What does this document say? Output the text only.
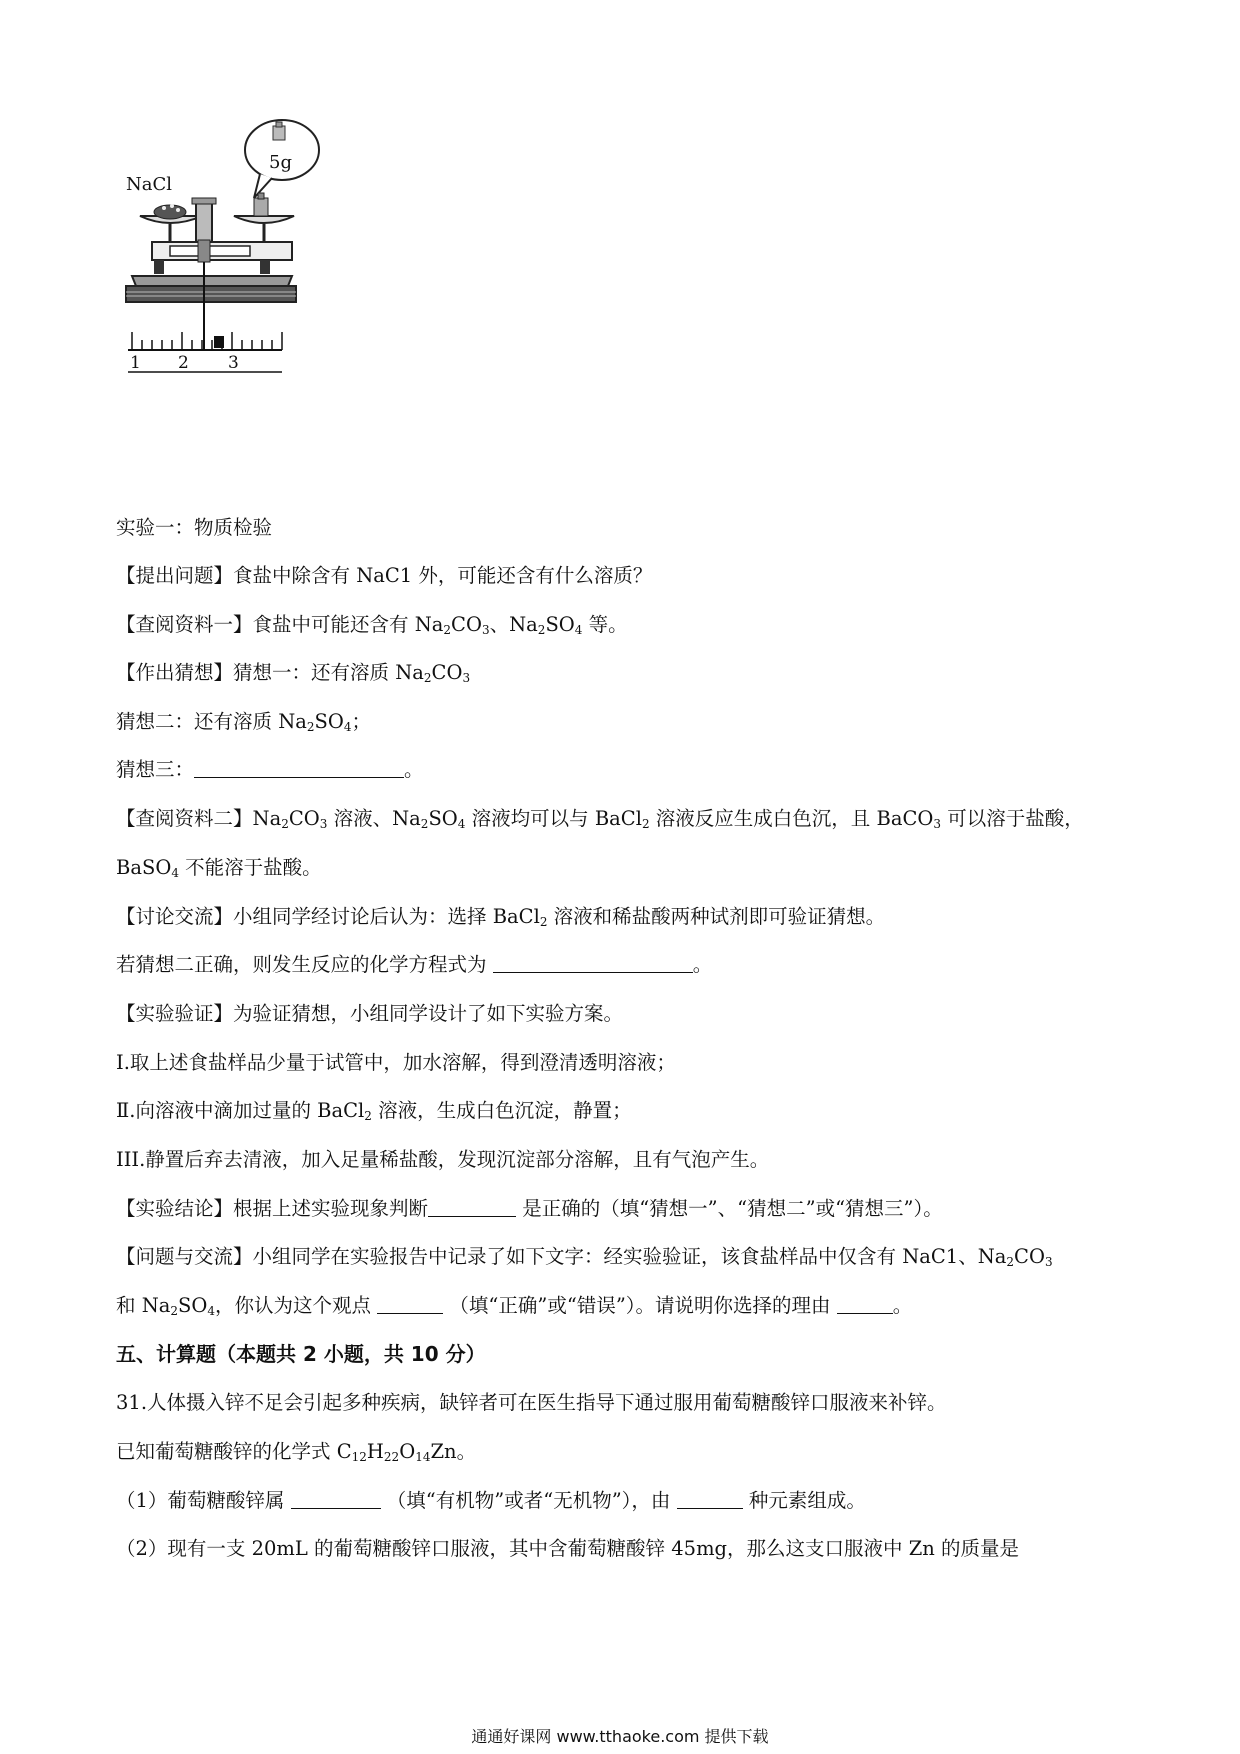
5g
NaCl
1 2 3
实验一：物质检验
【提出问题】食盐中除含有 NaC1 外，可能还含有什么溶质？
【查阅资料一】食盐中可能还含有 $Na_2CO_3$、$Na_2SO_4$ 等。
【作出猜想】猜想一：还有溶质 $Na_2CO_3$
猜想二：还有溶质 $Na_2SO_4$；
猜想三：	。
【查阅资料二】$Na_2CO_3$ 溶液、$Na_2SO_4$ 溶液均可以与 BaCl$_2$ 溶液反应生成白色沉，且 BaCO$_3$ 可以溶于盐酸，
BaSO$_4$ 不能溶于盐酸。
【讨论交流】小组同学经讨论后认为：选择 BaCl$_2$ 溶液和稀盐酸两种试剂即可验证猜想。
若猜想二正确，则发生反应的化学方程式为	。
【实验验证】为验证猜想，小组同学设计了如下实验方案。
Ⅰ.取上述食盐样品少量于试管中，加水溶解，得到澄清透明溶液；
Ⅱ.向溶液中滴加过量的 BaCl$_2$ 溶液，生成白色沉淀，静置；
III.静置后弃去清液，加入足量稀盐酸，发现沉淀部分溶解，且有气泡产生。
【实验结论】根据上述实验现象判断	是正确的（填“猜想一”、“猜想二”或“猜想三”）。
【问题与交流】小组同学在实验报告中记录了如下文字：经实验验证，该食盐样品中仅含有 NaC1、$Na_2CO_3$
和 $Na_2SO_4$，你认为这个观点	（填“正确”或“错误”）。请说明你选择的理由	。
五、计算题（本题共 2 小题，共 10 分）
31.人体摄入锌不足会引起多种疾病，缺锌者可在医生指导下通过服用葡萄糖酸锌口服液来补锌。
已知葡萄糖酸锌的化学式 $C_{12}H_{22}O_{14}Zn$。
（1）葡萄糖酸锌属	（填“有机物”或者“无机物”），由	种元素组成。
（2）现有一支 20mL 的葡萄糖酸锌口服液，其中含葡萄糖酸锌 45mg，那么这支口服液中 Zn 的质量是
通通好课网 www.tthaoke.com 提供下载
